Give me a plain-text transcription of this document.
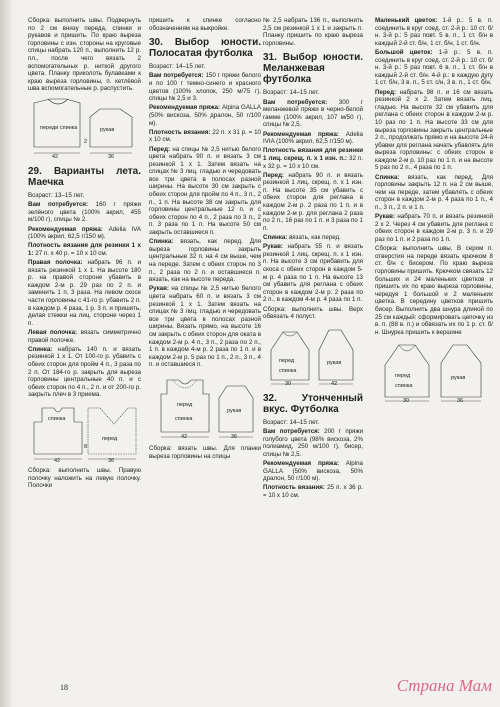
Сборка: выполнить швы. Подвернуть по 2 см внизу переда, спинки и рукавов и пришить. По краю выреза горловины с изн. стороны на круговые спицы набрать 120 п., выполнить 12 р. пл., после чего вязать 2 вспомогательных р. ниткой другого цвета. Планку приколоть булавками к краю выреза горловины, п. кетлёвой шва вспомогательные р. распустить.

переди спинка	рукав
2
42	36
29. Варианты лета. Маечка

Возраст: 13–15 лет.

Вам потребуется: 160 г пряжи зелёного цвета (100% акрил, 455 м/100 г), спицы № 2.

Рекомендуемая пряжа: Adelia IVA (100% акрил, 62,5 г/150 м).

Плотность вязания для резинки 1 х 1: 27 п. x 40 р. = 10 x 10 см.

Правая полочка: набрать 96 п. и вязать резинкой 1 х 1. На высоте 180 р. на правой стороне убавить в каждом 2-м р. 29 раз по 2 п. и заменить 1 п. 3 раза. На левом скосе части горловины с 41-го р. убавить 2 п. в каждом р. 4 раза, 1 р. 3 п. и пришить, делая стежки на лиц. стороне через 1 п.

Левая полочка: вязать симметрично правой полочке.

Спинка: набрать 140 п. и вязать резинкой 1 х 1. От 100-го р. убавить с обеих сторон для пройм 4 п., 3 раза по 2 п. От 184-го р. закрыть для выреза горловины центральные 40 п. и с обеих сторон по 4 п., 2 п. и от 200-го р. закрыть плеч в 3 приема.

спинка
перед
8
42	36

Сборка: выполнить швы. Правую полочку наложить на левую полочку. Полочки

пришить к спинке согласно обозначениям на выкройке.

30. Выбор юности. Полосатая футболка

Возраст: 14–15 лет.

Вам потребуется: 150 г пряжи белого и по 100 г темно-синего и красного цветов (100% хлопок, 250 м/75 г), спицы № 2,5 и 3.

Рекомендуемая пряжа: Alpina GALLA (50% вискоза, 50% дралон, 50 г/100 м).

Плотность вязания: 22 п. x 31 р. = 10 x 10 см.

Перед: на спицы № 2,5 нитью белого цвета набрать 90 п. и вязать 3 см резинкой 1 х 1. Затем вязать на спицах № 3 лиц. гладью и чередовать все три цвета в полосах разной ширины. На высоте 30 см закрыть с обеих сторон для пройм по 4 п., 3 п., 2 п., 1 п. На высоте 38 см закрыть для горловины центральные 12 п. и с обеих сторон по 4 п., 2 раза по 3 п., 2 п. 3 раза по 1 п. На высоте 50 см закрыть оставшиеся п.

Спинка: вязать, как перед. Для выреза горловины закрыть центральные 32 п. на 4 см выше, чем на переде. Затем с обеих сторон по 3 п., 2 раза по 2 п. и оставшиеся п. вязать, как на высоте переда.

Рукав: на спицы № 2,5 нитью белого цвета набрать 60 п. и вязать 3 см резинкой 1 х 1. Затем вязать на спицах № 3 лиц. гладью и чередовать все три цвета в полосах разной ширины. Вязать прямо, на высоте 16 см закрыть с обеих сторон для оката в каждом 2-м р. 4 п., 3 п., 2 раза по 2 п., 1 п. в каждом 4-м р. 2 раза по 1 п. и в каждом 2-м р. 5 раз по 1 п., 2 п., 3 п., 4 п. и оставшиеся п.

перед
спинка
рукав
42	36

Сборка: вязать швы. Для планки выреза горловины на спицы

№ 2,5 набрать 136 п., выполнить 2,5 см резинкой 1 х 1 и закрыть п. Планку пришить по краю выреза горловины.

31. Выбор юности. Меланжевая футболка

Возраст: 14–15 лет.

Вам потребуется: 300 г меланжевой пряжи в черно-белой гамме (100% акрил, 107 м/50 г), спицы № 2,5.

Рекомендуемая пряжа: Adelia IVIA (100% акрил, 62,5 г/150 м).

Плотность вязания для резинки 1 лиц. скрещ. п. x 1 изн. п.: 32 п. x 32 р. = 10 x 10 см.

Перед: набрать 90 п. и вязать резинкой 1 лиц. скрещ. п. x 1 изн. п. На высоте 35 см убавить с обеих сторон для реглана в каждом 2-м р. 2 раза по 1 п. и в каждом 2-м р. для реглана 2 раза по 2 п., 16 раз по 1 п. и 3 раза по 1 п.

Спинка: вязать, как перед.

Рукав: набрать 55 п. и вязать резинкой 1 лиц. скрещ. п. x 1 изн. п. На высоте 3 см прибавить для скоса с обеих сторон в каждом 5-м р. 4 раза по 1 п. На высоте 13 см убавить для реглана с обеих сторон в каждом 2-м р. 2 раза по 2 п., в каждом 4-м р. 4 раза по 1 п.

Сборка: выполнить швы. Верх обвязать 4 полуст.

перед
спинка
рукав
30	42
32. Утонченный вкус. Футболка

Возраст: 14–15 лет.

Вам потребуется: 200 г пряжи голубого цвета (98% вискоза, 2% полиамид, 250 м/100 г), бисер, спицы № 2,5.

Рекомендуемая пряжа: Alpina GALLA (50% вискоза, 50% дралон, 50 г/100 м).

Плотность вязания: 25 п. x 36 р. = 10 x 10 см.

Маленький цветок: 1-й р.: 5 в. п. соединить в круг соед. ст. 2-й р.: 10 ст. б/н. 3-й р.: 5 раз повт. 5 в. п., 1 ст. б/н в каждый 2-й ст. б/н, 1 ст. б/н, 1 ст. б/н.

Большой цветок: 1-й р.: 5 в. п. соединить в круг соед. ст. 2-й р.: 10 ст. б/н. 3-й р.: 5 раз повт. 6 в. п., 1 ст. б/н в каждый 2-й ст. б/н. 4-й р.: в каждую дугу 1 ст. б/н, 3 в. п., 5 ст. с/н, 3 в. п., 1 ст. б/н.

Перед: набрать 98 п. и 16 см вязать резинкой 2 х 2. Затем вязать лиц. гладью. На высоте 32 см убавить для реглана с обеих сторон в каждом 2-м р. 10 раз по 1 п. На высоте 33 см для выреза горловины закрыть центральные 2 п., продолжать прямо и на высоте 24-й убавки для реглана начать убавлять для выреза горловины: с обеих сторон в каждом 2-м р. 10 раз по 1 п. и на высоте 5 раз по 2 п., 4 раза по 1 п.

Спинка: вязать, как перед. Для горловины закрыть 12 п. на 2 см выше, чем на переде, затем убавлять с обеих сторон в каждом 2-м р. 4 раза по 1 п., 4 п., 3 п., 2 п. и 1 п.

Рукав: набрать 70 п. и вязать резинкой 2 х 2. Через 4 см убавить для реглана с обеих сторон в каждом 2-м р. 3 п. и 29 раз по 1 п. и 2 раза по 1 п.

Сборка: выполнить швы. В сером п. отверстия на переде вязать крючком 8 ст. б/н с бисером. По краю выреза горловины пришить. Крючком связать 12 больших и 24 маленьких цветков и пришить их по краю выреза горловины, чередуя 1 большой и 2 маленьких цветка. В середину цветков пришить бисер. Выполнить два шнура длиной по 25 см каждый: сформировать цепочку из в. п. (88 в. п.) и обвязать их по 1 р. ст. б/н. Шнурка пришить к вершине

перед
спинка
рукав
30	36
18	Страна Мам
